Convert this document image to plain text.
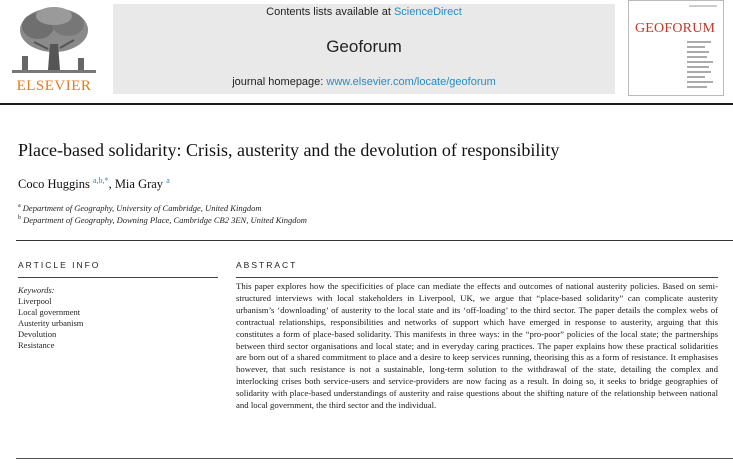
ELSEVIER
Contents lists available at ScienceDirect
Geoforum
journal homepage: www.elsevier.com/locate/geoforum
GEOFORUM
Place-based solidarity: Crisis, austerity and the devolution of responsibility
Coco Huggins $^{a,b,*}$, Mia Gray $^a$
$^a$ Department of Geography, University of Cambridge, United Kingdom
$^b$ Department of Geography, Downing Place, Cambridge CB2 3EN, United Kingdom
ARTICLE INFO
Keywords:
Liverpool
Local government
Austerity urbanism
Devolution
Resistance
ABSTRACT

This paper explores how the specificities of place can mediate the effects and outcomes of national austerity policies. Based on semi-structured interviews with local stakeholders in Liverpool, UK, we argue that “place-based solidarity” can complicate austerity urbanism’s ‘downloading’ of austerity to the local state and its ‘off-loading’ to the third sector. The paper details the complex webs of contractual relationships, responsibilities and networks of support which have emerged in response to austerity, arguing that this constitutes a form of place-based solidarity. This manifests in three ways: in the “pro-poor” policies of the local state; the partnerships between third sector organisations and local state; and in everyday caring practices. The paper explains how these practical solidarities are born out of a shared commitment to place and a desire to keep services running, theorising this as a form of resistance. It emphasises however, that such resistance is not a sustainable, long-term solution to the withdrawal of the state, detailing the complex and interlocking crises both service-users and service-providers are now facing as a result. In doing so, it seeks to bridge geographies of solidarity with place-based understandings of austerity and raise questions about the shifting nature of the relationship between national and local government, the third sector and the individual.
